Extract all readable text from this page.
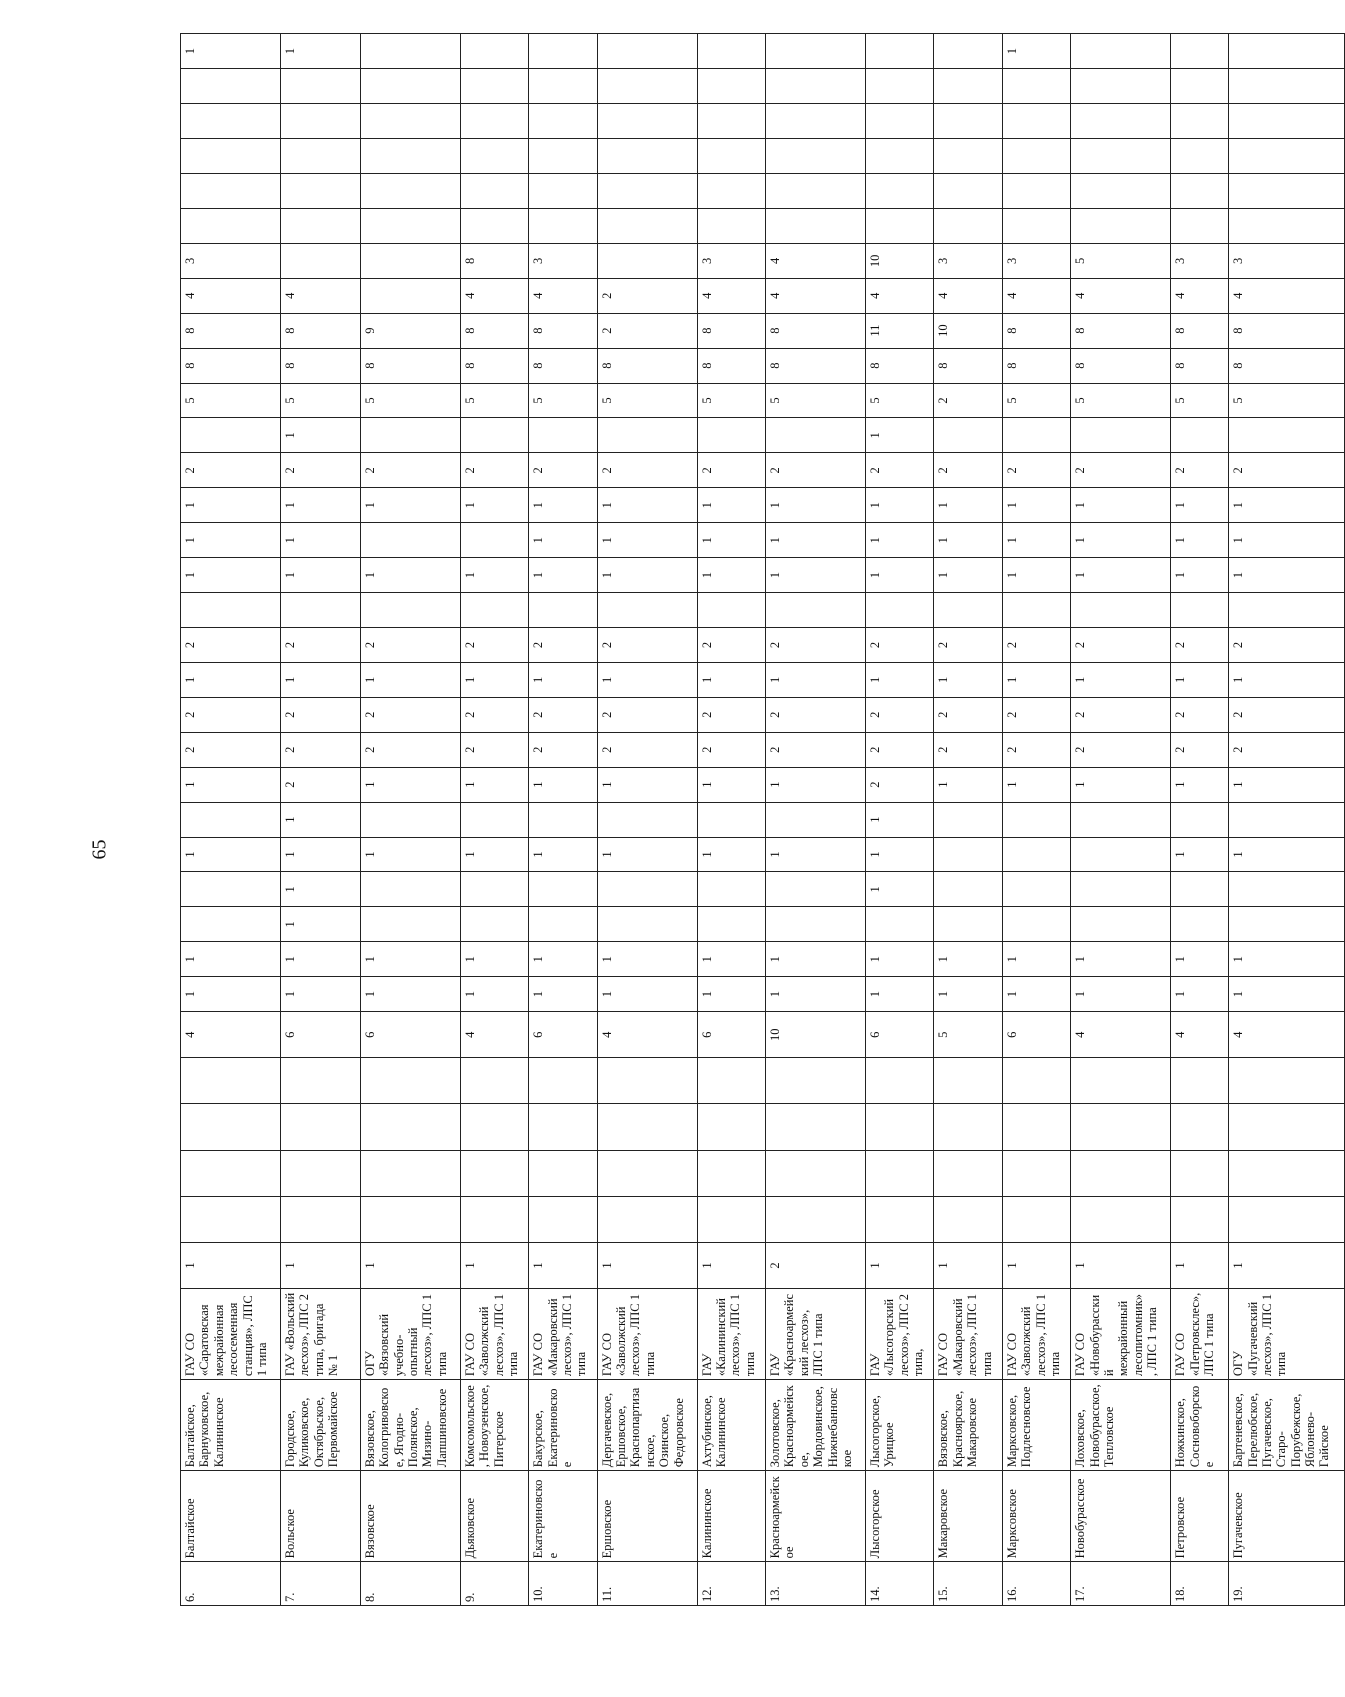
65
6.	Балтайское	Балтайское, Барнуковское, Калининское	ГАУ СО «Саратовская межрайонная лесосеменная станция», ЛПС 1 типа	1					4	1	1			1		1	2	2	1	2		1	1	1	2		5	8	8	4	3						1
7.	Вольское	Городское, Куликовское, Октябрьское, Первомайское	ГАУ «Вольский лесхоз», ЛПС 2 типа, бригада № 1	1					6	1	1	1	1	1	1	2	2	2	1	2		1	1	1	2	1	5	8	8	4							1
8.	Вязовское	Вязовское, Кологривовское, Ягодно-Полянское, Мизино-Лапшиновское	ОГУ «Вязовский учебно-опытный лесхоз», ЛПС 1 типа	1					6	1	1			1		1	2	2	1	2		1		1	2		5	8	9								
9.	Дьяковское	Комсомольское, Новоузенское, Питерское	ГАУ СО «Заволжский лесхоз», ЛПС 1 типа	1					4	1	1			1		1	2	2	1	2		1		1	2		5	8	8	4	8						
10.	Екатериновское	Бакурское, Екатериновское	ГАУ СО «Макаровский лесхоз», ЛПС 1 типа	1					6	1	1			1		1	2	2	1	2		1	1	1	2		5	8	8	4	3						
11.	Ершовское	Дергачевское, Ершовское, Краснопартизанское, Озинское, Федоровское	ГАУ СО «Заволжский лесхоз», ЛПС 1 типа	1					4	1	1			1		1	2	2	1	2		1	1	1	2		5	8	2	2							
12.	Калининское	Ахтубинское, Калининское	ГАУ «Калининский лесхоз», ЛПС 1 типа	1					6	1	1			1		1	2	2	1	2		1	1	1	2		5	8	8	4	3						
13.	Красноармейское	Золотовское, Красноармейское, Мордовинское, Нижнебанновское	ГАУ «Красноармейский лесхоз», ЛПС 1 типа	2					10	1	1			1		1	2	2	1	2		1	1	1	2		5	8	8	4	4						
14.	Лысогорское	Лысогорское, Урицкое	ГАУ «Лысогорский лесхоз», ЛПС 2 типа,	1					6	1	1		1	1	1	2	2	2	1	2		1	1	1	2	1	5	8	11	4	10						
15.	Макаровское	Вязовское, Красноярское, Макаровское	ГАУ СО «Макаровский лесхоз», ЛПС 1 типа	1					5	1	1					1	2	2	1	2		1	1	1	2		2	8	10	4	3						
16.	Марксовское	Марксовское, Подлесновское	ГАУ СО «Заволжский лесхоз», ЛПС 1 типа	1					6	1	1					1	2	2	1	2		1	1	1	2		5	8	8	4	3						1
17.	Новобурасское	Лоховское, Новобурасское, Тепловское	ГАУ СО «Новобурасский межрайонный лесопитомник», ЛПС 1 типа	1					4	1	1					1	2	2	1	2		1	1	1	2		5	8	8	4	5						
18.	Петровское	Ножкинское, Сосновоборское	ГАУ СО «Петровсклес», ЛПС 1 типа	1					4	1	1			1		1	2	2	1	2		1	1	1	2		5	8	8	4	3						
19.	Пугачевское	Бартеневское, Перелюбское, Пугачевское, Старо-Порубежское, Яблонево-Гайское	ОГУ «Пугачевский лесхоз», ЛПС 1 типа	1					4	1	1			1		1	2	2	1	2		1	1	1	2		5	8	8	4	3						
